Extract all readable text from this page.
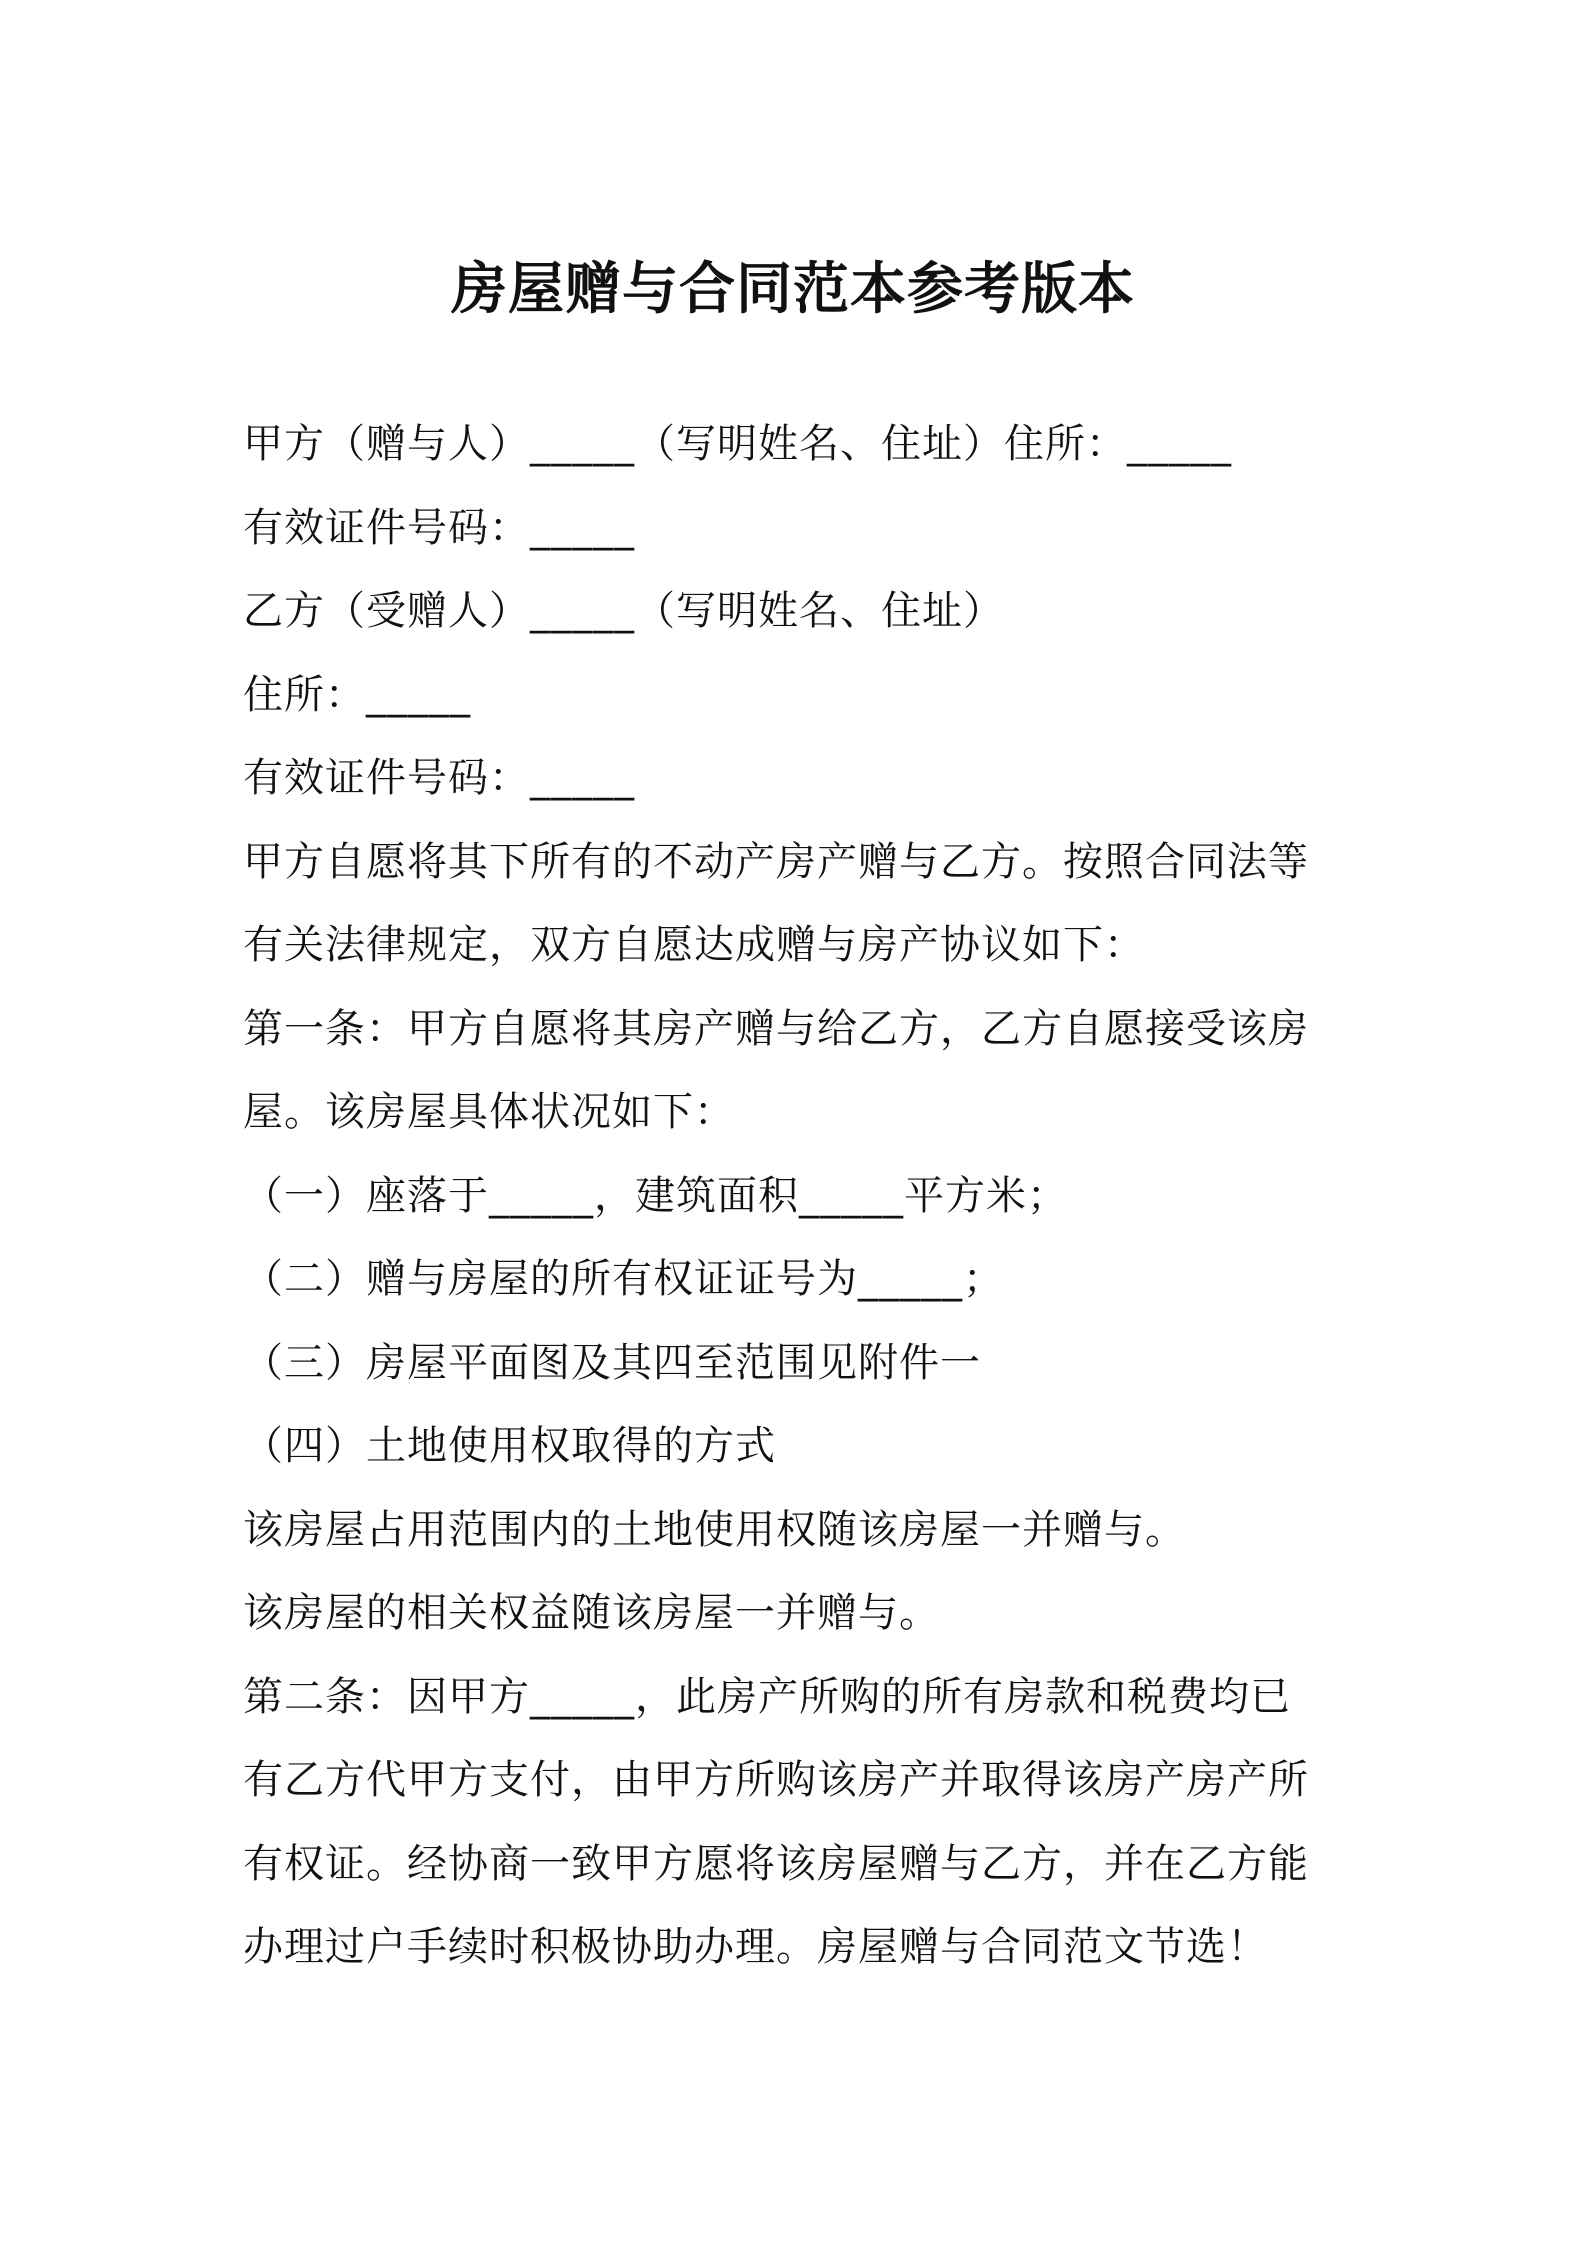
房屋赠与合同范本参考版本
甲方（赠与人）_____（写明姓名、住址）住所：_____
有效证件号码：_____
乙方（受赠人）_____（写明姓名、住址）
住所：_____
有效证件号码：_____
甲方自愿将其下所有的不动产房产赠与乙方。按照合同法等
有关法律规定，双方自愿达成赠与房产协议如下：
第一条：甲方自愿将其房产赠与给乙方，乙方自愿接受该房
屋。该房屋具体状况如下：
（一）座落于_____，建筑面积_____平方米；
（二）赠与房屋的所有权证证号为_____；
（三）房屋平面图及其四至范围见附件一
（四）土地使用权取得的方式
该房屋占用范围内的土地使用权随该房屋一并赠与。
该房屋的相关权益随该房屋一并赠与。
第二条：因甲方_____，此房产所购的所有房款和税费均已
有乙方代甲方支付，由甲方所购该房产并取得该房产房产所
有权证。经协商一致甲方愿将该房屋赠与乙方，并在乙方能
办理过户手续时积极协助办理。房屋赠与合同范文节选！
